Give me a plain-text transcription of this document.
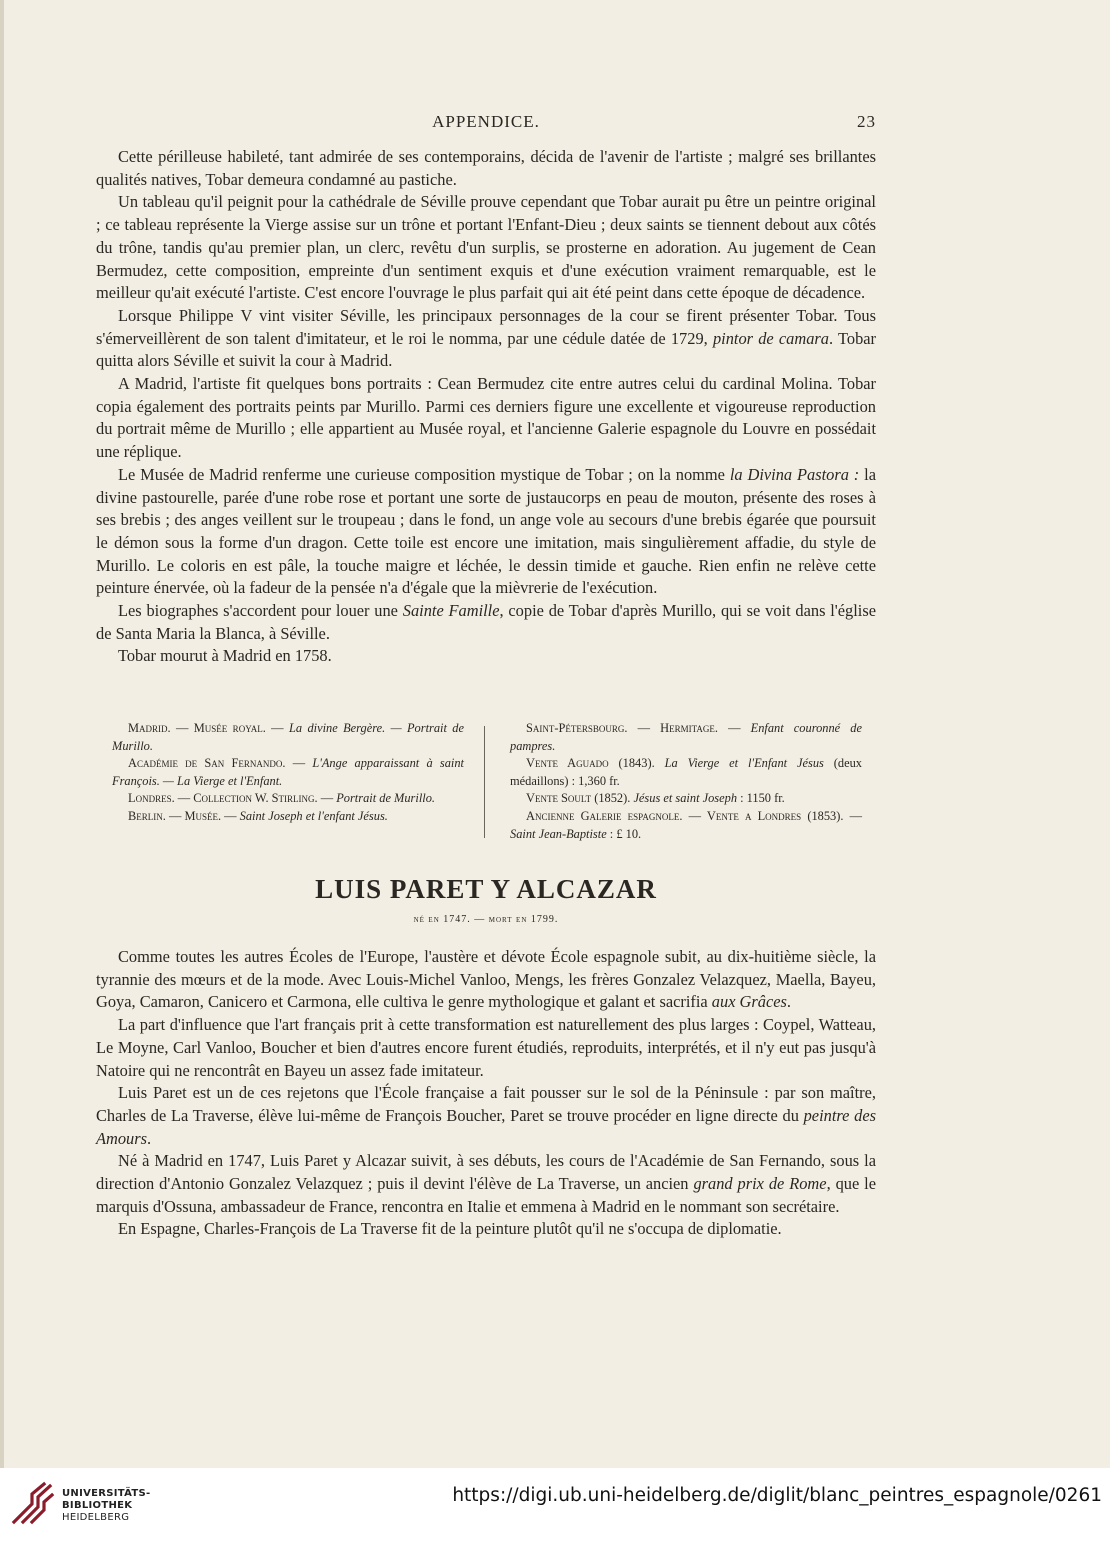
APPENDICE.	23

Cette périlleuse habileté, tant admirée de ses contemporains, décida de l'avenir de l'artiste ; malgré ses brillantes qualités natives, Tobar demeura condamné au pastiche.

Un tableau qu'il peignit pour la cathédrale de Séville prouve cependant que Tobar aurait pu être un peintre original ; ce tableau représente la Vierge assise sur un trône et portant l'Enfant-Dieu ; deux saints se tiennent debout aux côtés du trône, tandis qu'au premier plan, un clerc, revêtu d'un surplis, se prosterne en adoration. Au jugement de Cean Bermudez, cette composition, empreinte d'un sentiment exquis et d'une exécution vraiment remarquable, est le meilleur qu'ait exécuté l'artiste. C'est encore l'ouvrage le plus parfait qui ait été peint dans cette époque de décadence.

Lorsque Philippe V vint visiter Séville, les principaux personnages de la cour se firent présenter Tobar. Tous s'émerveillèrent de son talent d'imitateur, et le roi le nomma, par une cédule datée de 1729, pintor de camara. Tobar quitta alors Séville et suivit la cour à Madrid.

A Madrid, l'artiste fit quelques bons portraits : Cean Bermudez cite entre autres celui du cardinal Molina. Tobar copia également des portraits peints par Murillo. Parmi ces derniers figure une excellente et vigoureuse reproduction du portrait même de Murillo ; elle appartient au Musée royal, et l'ancienne Galerie espagnole du Louvre en possédait une réplique.

Le Musée de Madrid renferme une curieuse composition mystique de Tobar ; on la nomme la Divina Pastora : la divine pastourelle, parée d'une robe rose et portant une sorte de justaucorps en peau de mouton, présente des roses à ses brebis ; des anges veillent sur le troupeau ; dans le fond, un ange vole au secours d'une brebis égarée que poursuit le démon sous la forme d'un dragon. Cette toile est encore une imitation, mais singulièrement affadie, du style de Murillo. Le coloris en est pâle, la touche maigre et léchée, le dessin timide et gauche. Rien enfin ne relève cette peinture énervée, où la fadeur de la pensée n'a d'égale que la mièvrerie de l'exécution.

Les biographes s'accordent pour louer une Sainte Famille, copie de Tobar d'après Murillo, qui se voit dans l'église de Santa Maria la Blanca, à Séville.

Tobar mourut à Madrid en 1758.

Madrid. — Musée royal. — La divine Bergère. — Portrait de Murillo.

Académie de San Fernando. — L'Ange apparaissant à saint François. — La Vierge et l'Enfant.

Londres. — Collection W. Stirling. — Portrait de Murillo.

Berlin. — Musée. — Saint Joseph et l'enfant Jésus.

Saint-Pétersbourg. — Hermitage. — Enfant couronné de pampres.

Vente Aguado (1843). La Vierge et l'Enfant Jésus (deux médaillons) : 1,360 fr.

Vente Soult (1852). Jésus et saint Joseph : 1150 fr.

Ancienne Galerie espagnole. — Vente a Londres (1853). — Saint Jean-Baptiste : £ 10.

LUIS PARET Y ALCAZAR
né en 1747. — mort en 1799.

Comme toutes les autres Écoles de l'Europe, l'austère et dévote École espagnole subit, au dix-huitième siècle, la tyrannie des mœurs et de la mode. Avec Louis-Michel Vanloo, Mengs, les frères Gonzalez Velazquez, Maella, Bayeu, Goya, Camaron, Canicero et Carmona, elle cultiva le genre mythologique et galant et sacrifia aux Grâces.

La part d'influence que l'art français prit à cette transformation est naturellement des plus larges : Coypel, Watteau, Le Moyne, Carl Vanloo, Boucher et bien d'autres encore furent étudiés, reproduits, interprétés, et il n'y eut pas jusqu'à Natoire qui ne rencontrât en Bayeu un assez fade imitateur.

Luis Paret est un de ces rejetons que l'École française a fait pousser sur le sol de la Péninsule : par son maître, Charles de La Traverse, élève lui-même de François Boucher, Paret se trouve procéder en ligne directe du peintre des Amours.

Né à Madrid en 1747, Luis Paret y Alcazar suivit, à ses débuts, les cours de l'Académie de San Fernando, sous la direction d'Antonio Gonzalez Velazquez ; puis il devint l'élève de La Traverse, un ancien grand prix de Rome, que le marquis d'Ossuna, ambassadeur de France, rencontra en Italie et emmena à Madrid en le nommant son secrétaire.

En Espagne, Charles-François de La Traverse fit de la peinture plutôt qu'il ne s'occupa de diplomatie.

UNIVERSITÄTS-
BIBLIOTHEK
HEIDELBERG
https://digi.ub.uni-heidelberg.de/diglit/blanc_peintres_espagnole/0261
